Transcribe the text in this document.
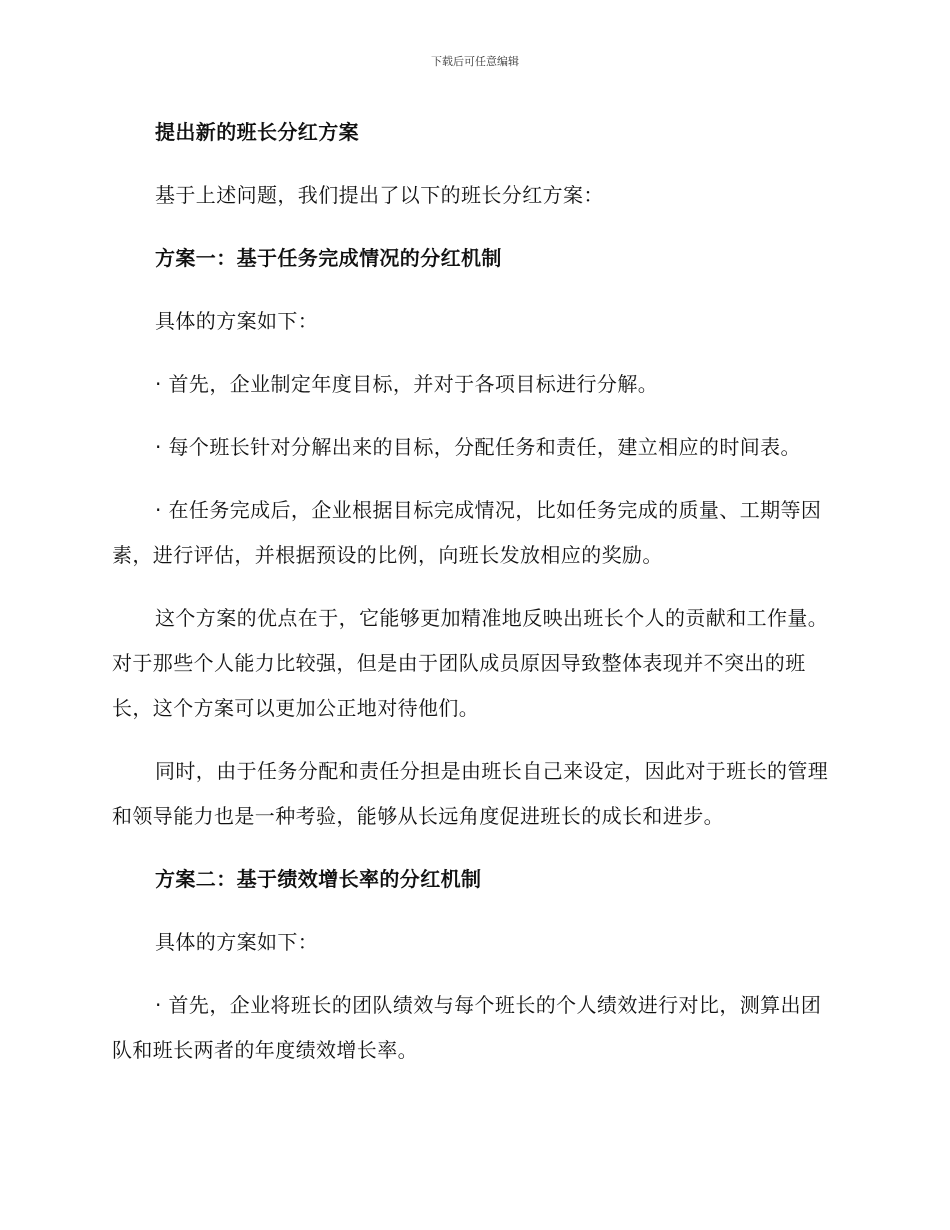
下载后可任意编辑

提出新的班长分红方案

基于上述问题，我们提出了以下的班长分红方案：

方案一：基于任务完成情况的分红机制

具体的方案如下：

· 首先，企业制定年度目标，并对于各项目标进行分解。

· 每个班长针对分解出来的目标，分配任务和责任，建立相应的时间表。

· 在任务完成后，企业根据目标完成情况，比如任务完成的质量、工期等因素，进行评估，并根据预设的比例，向班长发放相应的奖励。

这个方案的优点在于，它能够更加精准地反映出班长个人的贡献和工作量。对于那些个人能力比较强，但是由于团队成员原因导致整体表现并不突出的班长，这个方案可以更加公正地对待他们。

同时，由于任务分配和责任分担是由班长自己来设定，因此对于班长的管理和领导能力也是一种考验，能够从长远角度促进班长的成长和进步。

方案二：基于绩效增长率的分红机制

具体的方案如下：

· 首先，企业将班长的团队绩效与每个班长的个人绩效进行对比，测算出团队和班长两者的年度绩效增长率。
